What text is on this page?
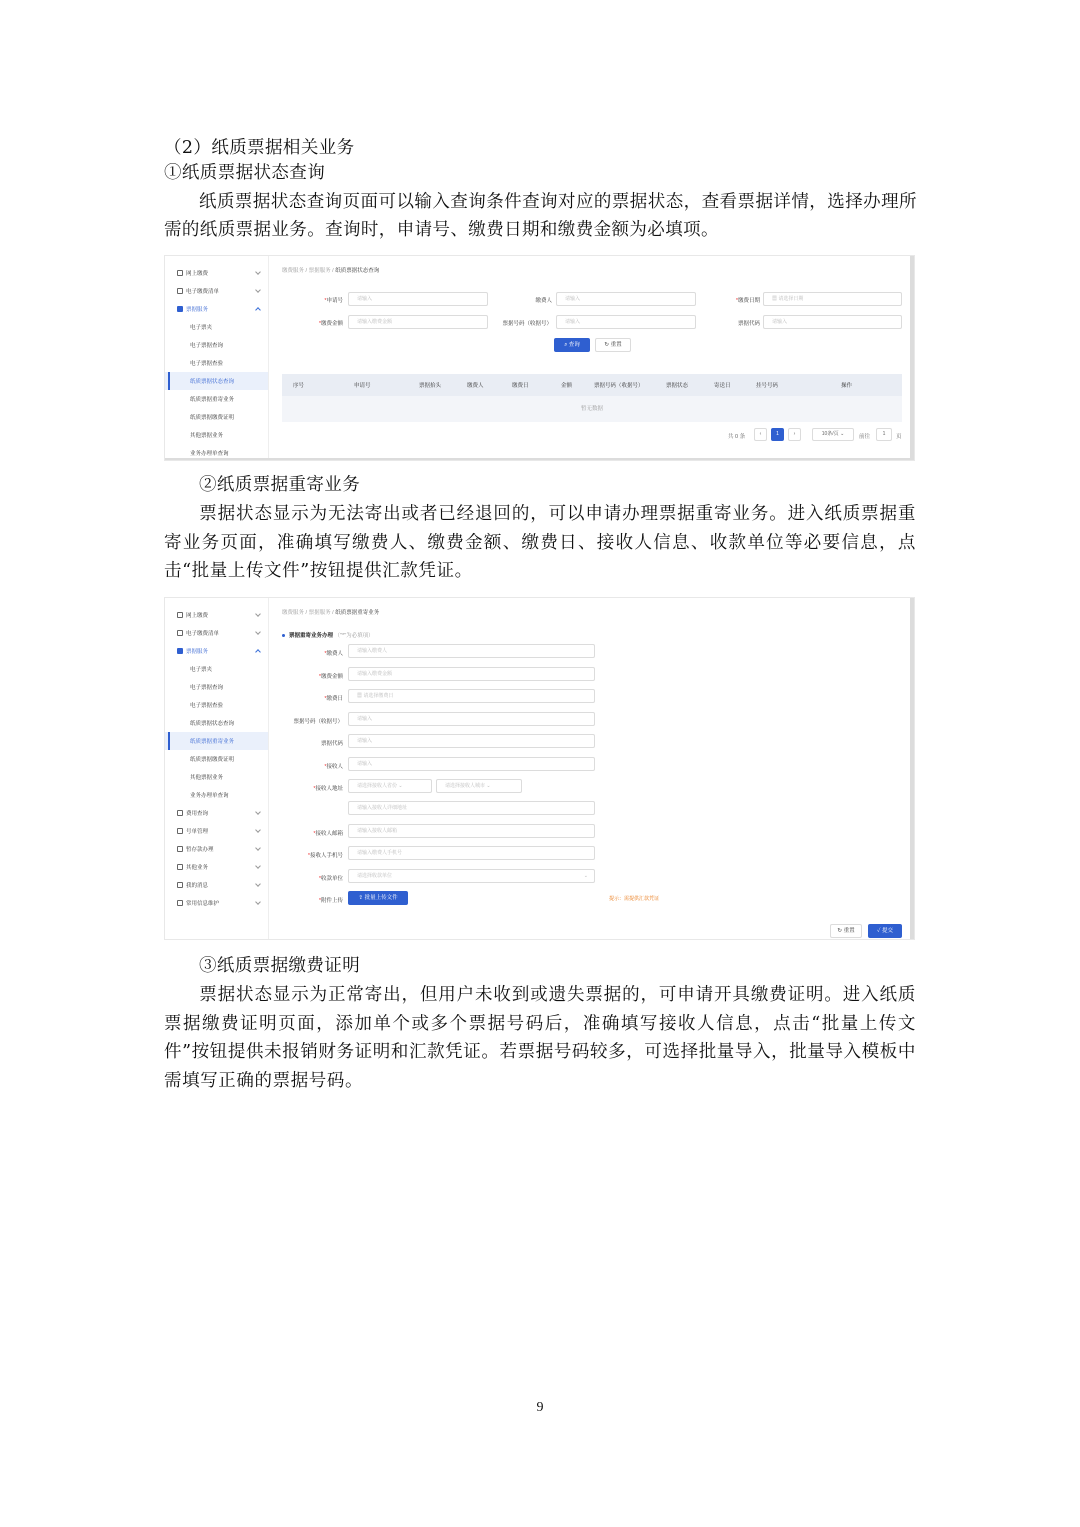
（2）纸质票据相关业务
①纸质票据状态查询
纸质票据状态查询页面可以输入查询条件查询对应的票据状态，查看票据详情，选择办理所
需的纸质票据业务。查询时，申请号、缴费日期和缴费金额为必填项。
网上缴费
电子缴费清单
票据服务
电子票夹
电子票据查询
电子票据查验
纸质票据状态查询
纸质票据重寄业务
纸质票据缴费证明
其他票据业务
业务办理单查询
缴费服务 / 票据服务 / 纸质票据状态查询
*申请号	请输入	缴费人	请输入	*缴费日期	▦ 请选择日期
*缴费金额	请输入缴费金额	票据号码（收据号）	请输入	票据代码	请输入
⌕ 查询	↻ 重置
序号	申请号	票据抬头	缴费人	缴费日	金额	票据号码（收据号）	票据状态	寄送日	挂号号码	操作
暂无数据
共 0 条	‹	1	›	10条/页 ⌄	前往	1	页
②纸质票据重寄业务
票据状态显示为无法寄出或者已经退回的，可以申请办理票据重寄业务。进入纸质票据重寄业务页面，准确填写缴费人、缴费金额、缴费日、接收人信息、收款单位等必要信息，点击“批量上传文件”按钮提供汇款凭证。
网上缴费
电子缴费清单
票据服务
电子票夹
电子票据查询
电子票据查验
纸质票据状态查询
纸质票据重寄业务
纸质票据缴费证明
其他票据业务
业务办理单查询
费用查询
号单管理
暂存款办理
其他业务
我的消息
常用信息维护
缴费服务 / 票据服务 / 纸质票据重寄业务
票据重寄业务办理 （"*"为必填项）
*缴费人	请输入缴费人
*缴费金额	请输入缴费金额
*缴费日	▦ 请选择缴费日
票据号码（收据号）	请输入
票据代码	请输入
*接收人	请输入
*接收人地址	请选择接收人省份 ⌄	请选择接收人城市 ⌄
请输入接收人详细地址
*接收人邮箱	请输入接收人邮箱
*接收人手机号	请输入缴费人手机号
*收款单位	请选择收款单位	⌄
*附件上传	⇪ 批量上传文件	提示：需提供汇款凭证
↻ 重置	✓ 提交
③纸质票据缴费证明
票据状态显示为正常寄出，但用户未收到或遗失票据的，可申请开具缴费证明。进入纸质票据缴费证明页面，添加单个或多个票据号码后，准确填写接收人信息，点击“批量上传文件”按钮提供未报销财务证明和汇款凭证。若票据号码较多，可选择批量导入，批量导入模板中需填写正确的票据号码。
9
